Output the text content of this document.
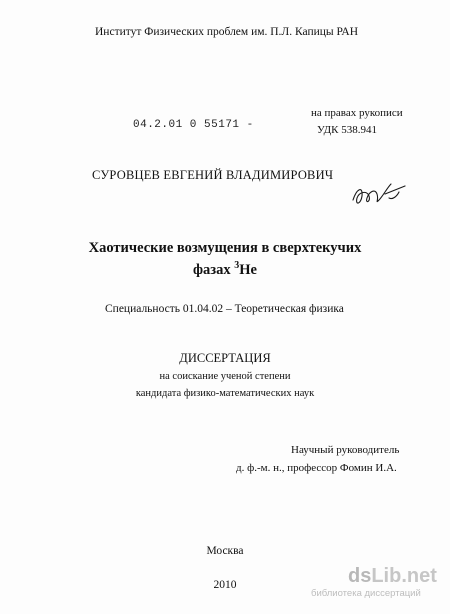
Институт Физических проблем им. П.Л. Капицы РАН
на правах рукописи
УДК 538.941
04.2.01 0 55171 -
СУРОВЦЕВ ЕВГЕНИЙ ВЛАДИМИРОВИЧ
Хаотические возмущения в сверхтекучих
фазах $^3$He
Специальность 01.04.02 – Теоретическая физика
ДИССЕРТАЦИЯ
на соискание ученой степени
кандидата физико-математических наук
Научный руководитель
д. ф.-м. н., профессор Фомин И.А.
Москва
2010	dsLib.net
библиотека диссертаций
